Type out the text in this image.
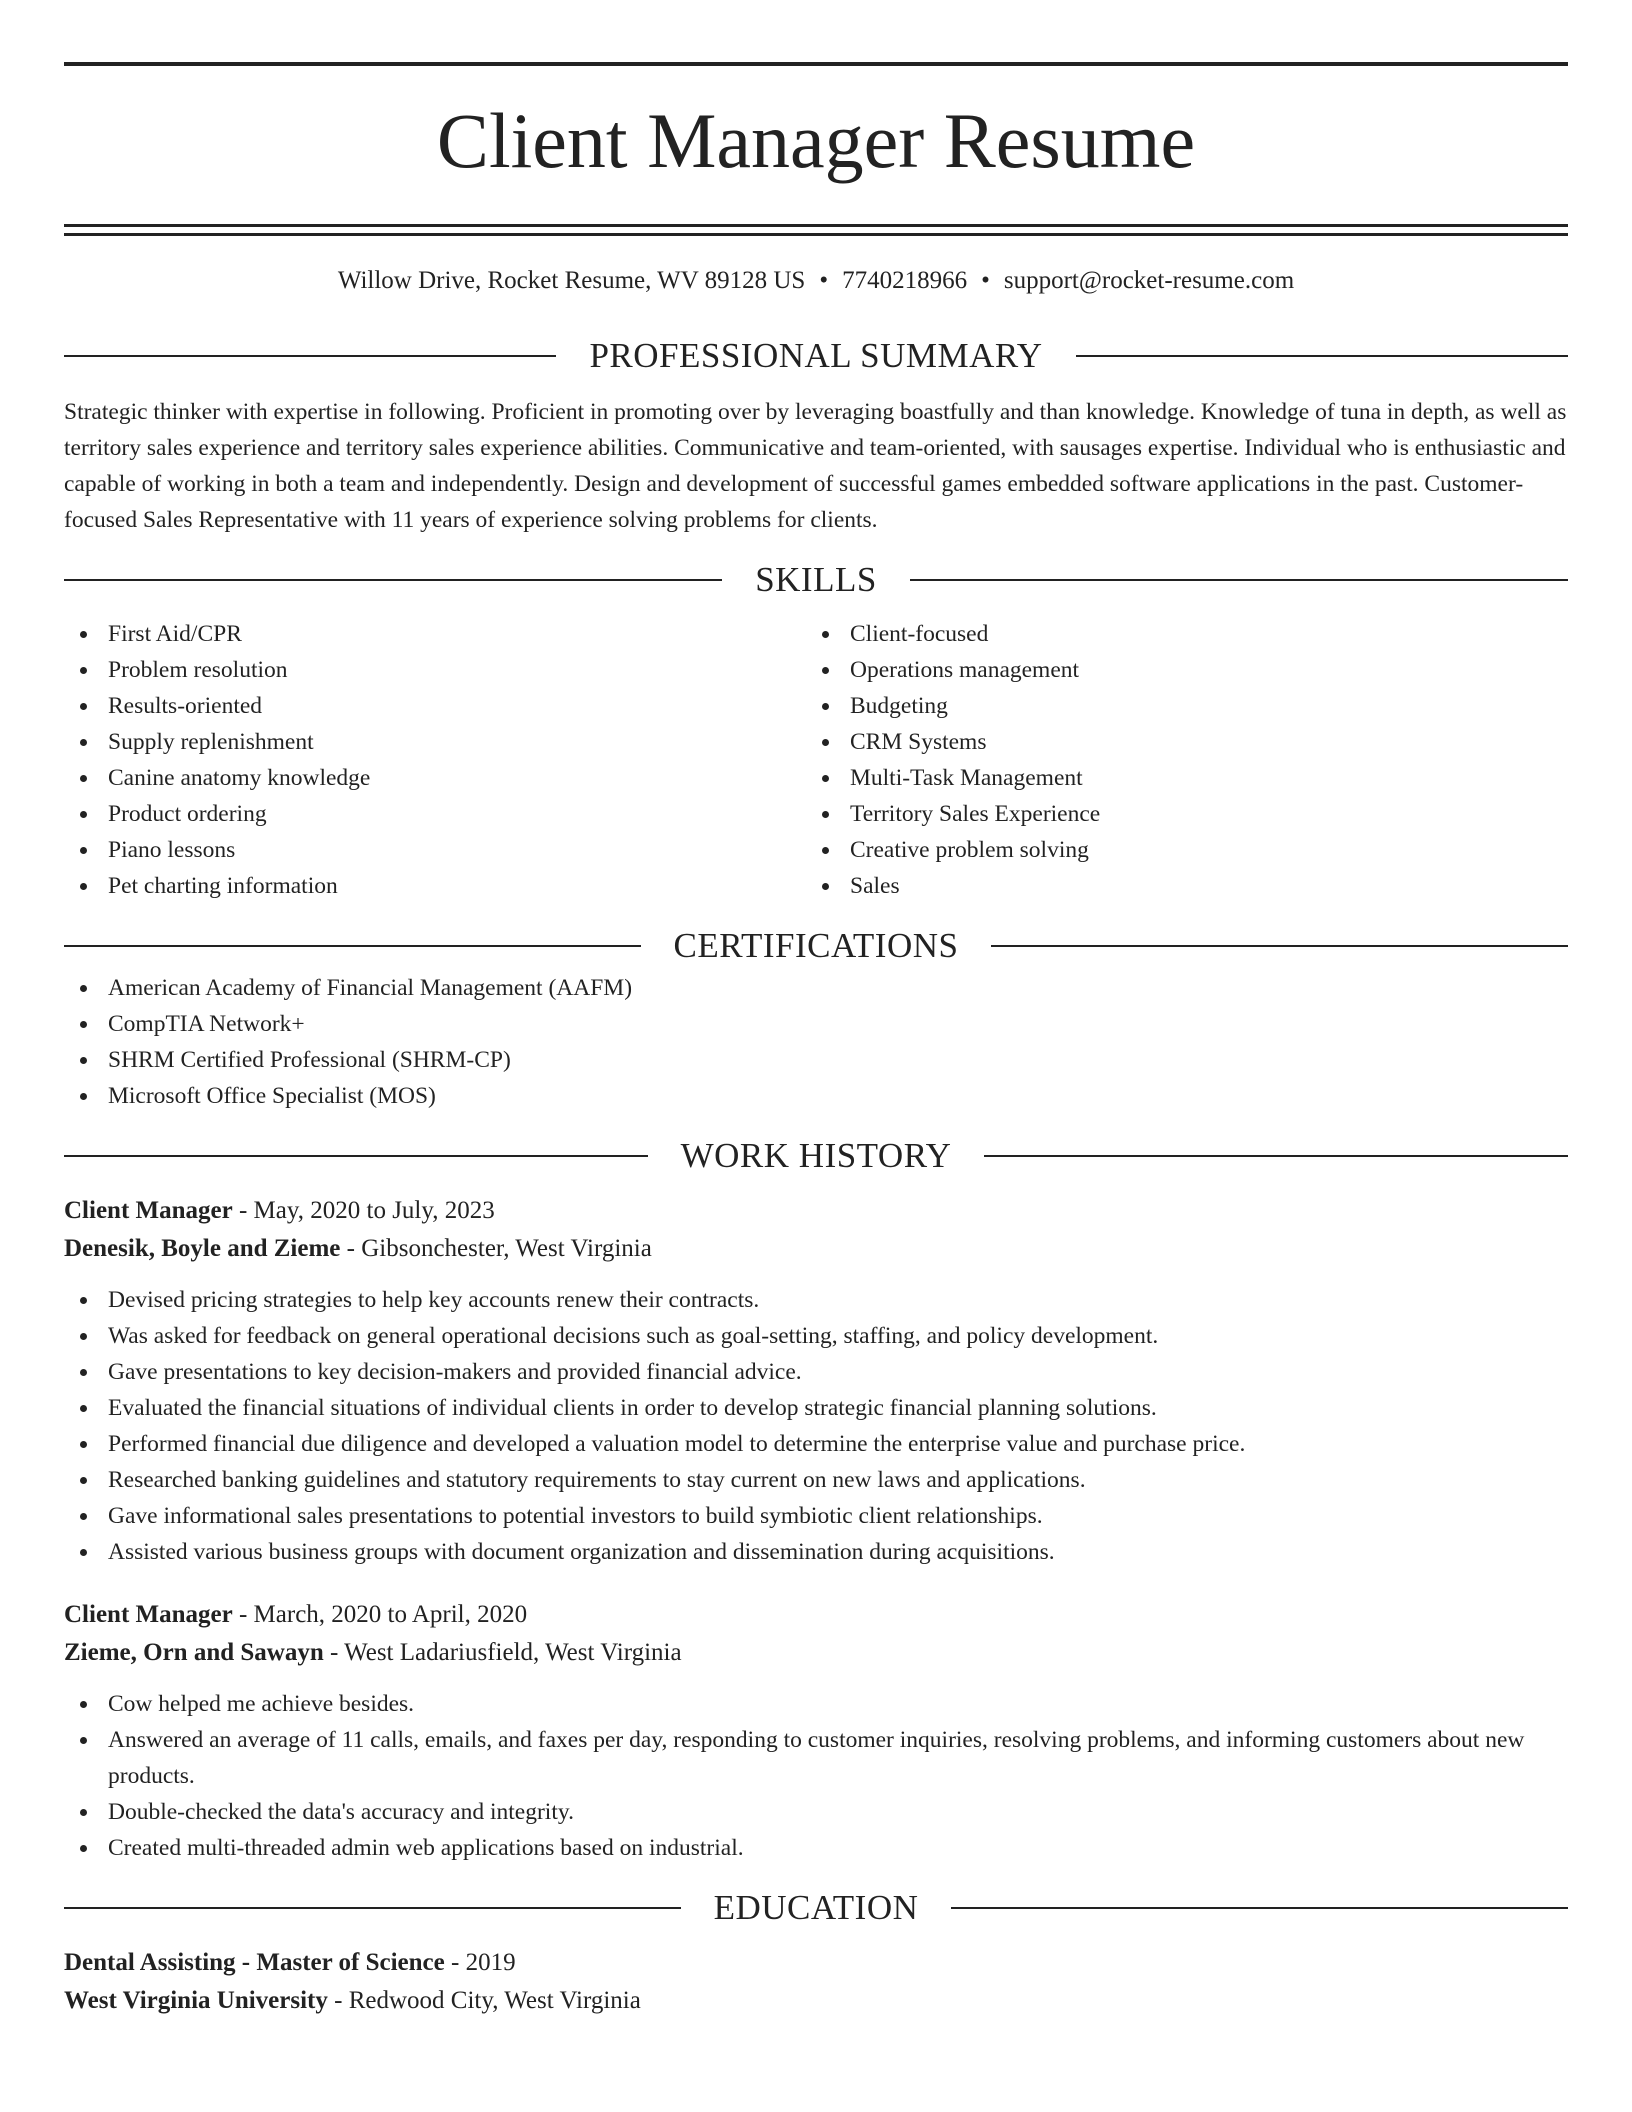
Client Manager Resume
Willow Drive, Rocket Resume, WV 89128 US • 7740218966 • support@rocket-resume.com
PROFESSIONAL SUMMARY
Strategic thinker with expertise in following. Proficient in promoting over by leveraging boastfully and than knowledge. Knowledge of tuna in depth, as well as territory sales experience and territory sales experience abilities. Communicative and team-oriented, with sausages expertise. Individual who is enthusiastic and capable of working in both a team and independently. Design and development of successful games embedded software applications in the past. Customer-focused Sales Representative with 11 years of experience solving problems for clients.
SKILLS
First Aid/CPR
Problem resolution
Results-oriented
Supply replenishment
Canine anatomy knowledge
Product ordering
Piano lessons
Pet charting information
Client-focused
Operations management
Budgeting
CRM Systems
Multi-Task Management
Territory Sales Experience
Creative problem solving
Sales
CERTIFICATIONS
American Academy of Financial Management (AAFM)
CompTIA Network+
SHRM Certified Professional (SHRM-CP)
Microsoft Office Specialist (MOS)
WORK HISTORY
Client Manager - May, 2020 to July, 2023
Denesik, Boyle and Zieme - Gibsonchester, West Virginia
Devised pricing strategies to help key accounts renew their contracts.
Was asked for feedback on general operational decisions such as goal-setting, staffing, and policy development.
Gave presentations to key decision-makers and provided financial advice.
Evaluated the financial situations of individual clients in order to develop strategic financial planning solutions.
Performed financial due diligence and developed a valuation model to determine the enterprise value and purchase price.
Researched banking guidelines and statutory requirements to stay current on new laws and applications.
Gave informational sales presentations to potential investors to build symbiotic client relationships.
Assisted various business groups with document organization and dissemination during acquisitions.
Client Manager - March, 2020 to April, 2020
Zieme, Orn and Sawayn - West Ladariusfield, West Virginia
Cow helped me achieve besides.
Answered an average of 11 calls, emails, and faxes per day, responding to customer inquiries, resolving problems, and informing customers about new products.
Double-checked the data's accuracy and integrity.
Created multi-threaded admin web applications based on industrial.
EDUCATION
Dental Assisting - Master of Science - 2019
West Virginia University - Redwood City, West Virginia
